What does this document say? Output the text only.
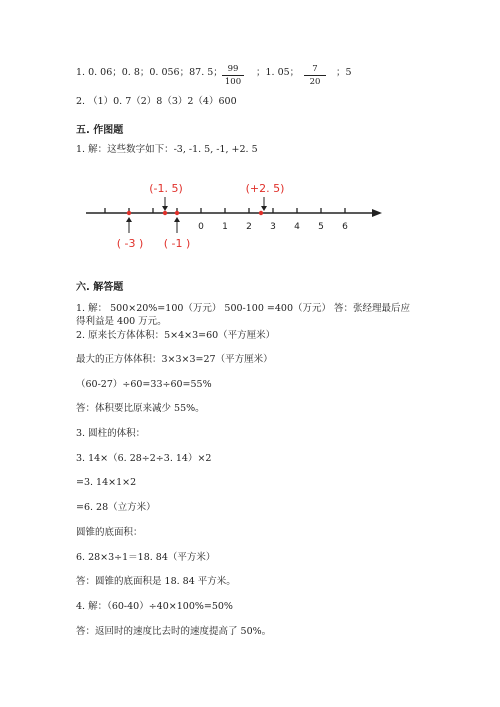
1. 0. 06；0. 8；0. 056；87. 5； $\frac{99}{100}$ ；1. 05； $\frac{7}{20}$ ；5
2. （1）0. 7（2）8（3）2（4）600
五. 作图题
1. 解：这些数字如下：-3, -1. 5, -1, +2. 5
0 1 2 3 4 5 6
(-1. 5)	(+2. 5)
( -3 ) ( -1 )
六. 解答题
1. 解： 500×20%=100（万元） 500-100 =400（万元） 答：张经理最后应
得利益是 400 万元。
2. 原来长方体体积：5×4×3=60（平方厘米）
最大的正方体体积：3×3×3=27（平方厘米）
（60-27）÷60=33÷60=55%
答：体积要比原来减少 55%。
3. 圆柱的体积：
3. 14×（6. 28÷2÷3. 14）×2
=3. 14×1×2
=6. 28（立方米）
圆锥的底面积：
6. 28×3÷1＝18. 84（平方米）
答：圆锥的底面积是 18. 84 平方米。
4. 解：（60-40）÷40×100%=50%
答：返回时的速度比去时的速度提高了 50%。
